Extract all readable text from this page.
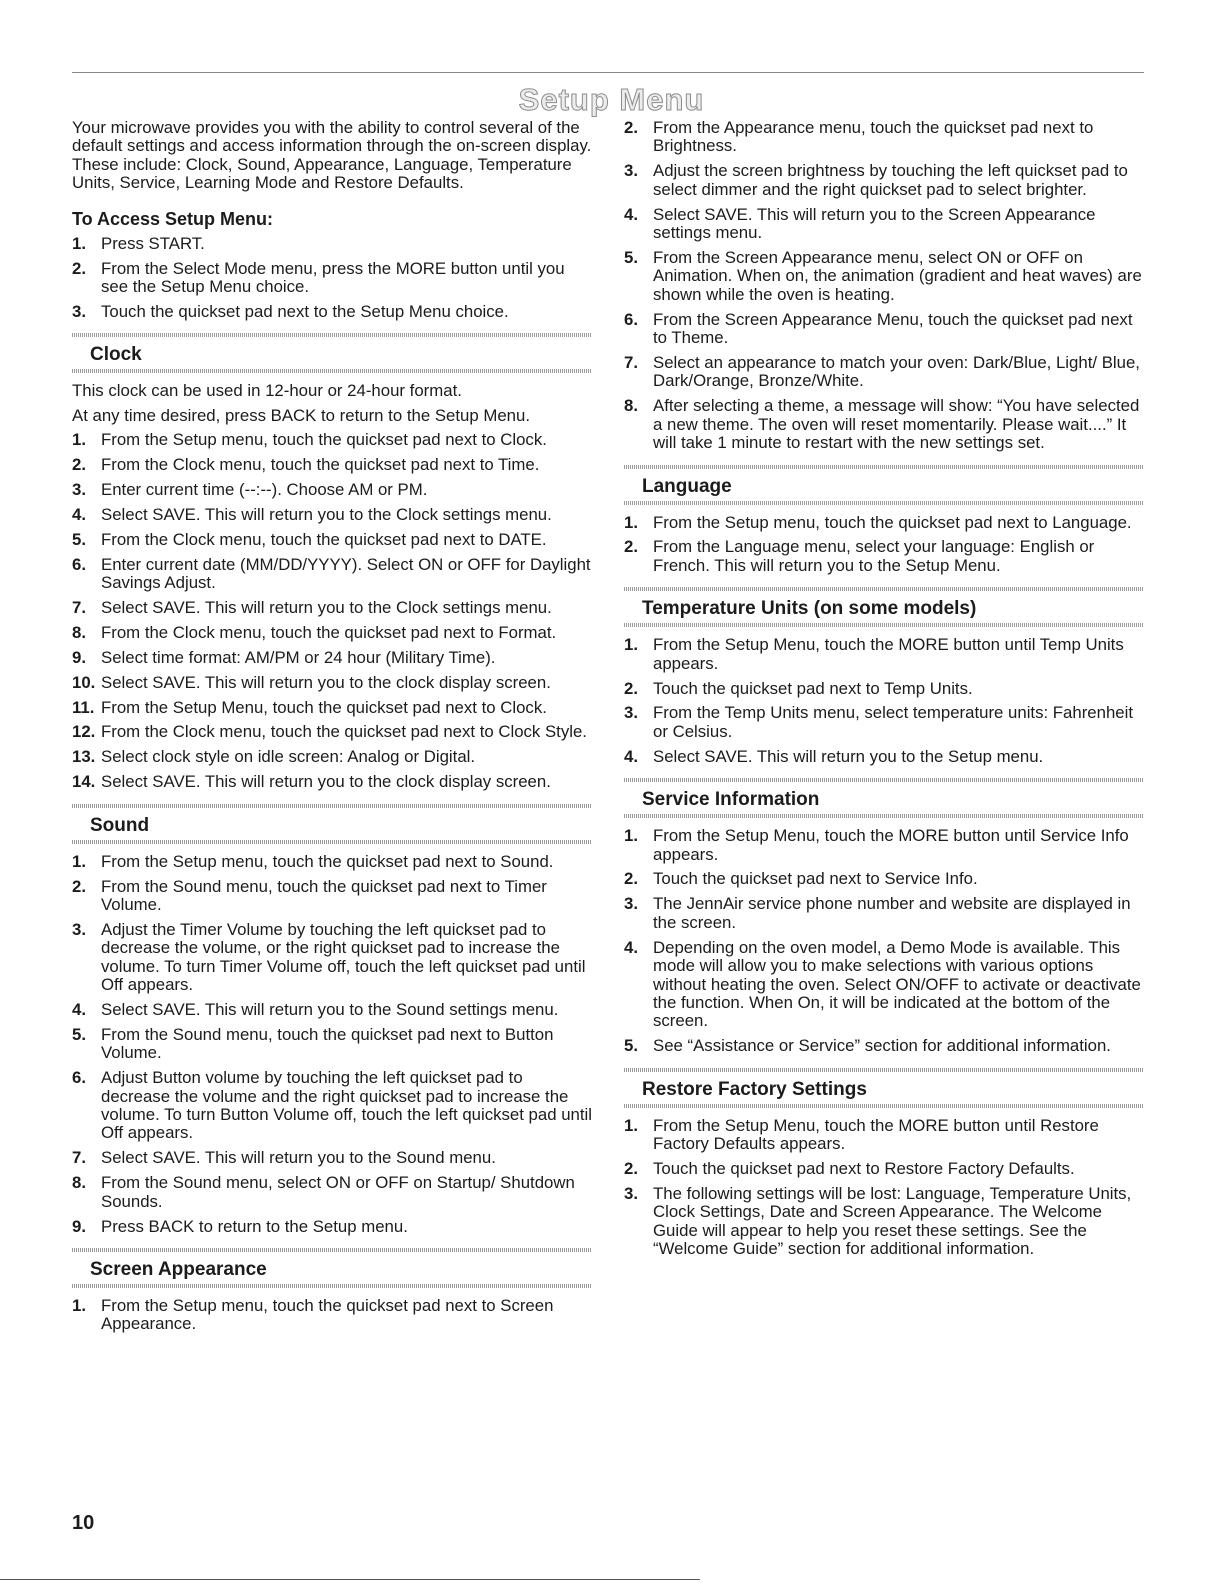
Setup Menu

Your microwave provides you with the ability to control several of the default settings and access information through the on-screen display. These include: Clock, Sound, Appearance, Language, Temperature Units, Service, Learning Mode and Restore Defaults.

To Access Setup Menu:
1. Press START.
2. From the Select Mode menu, press the MORE button until you see the Setup Menu choice.
3. Touch the quickset pad next to the Setup Menu choice.
Clock

This clock can be used in 12-hour or 24-hour format.

At any time desired, press BACK to return to the Setup Menu.

1. From the Setup menu, touch the quickset pad next to Clock.
2. From the Clock menu, touch the quickset pad next to Time.
3. Enter current time (--:--). Choose AM or PM.
4. Select SAVE. This will return you to the Clock settings menu.
5. From the Clock menu, touch the quickset pad next to DATE.
6. Enter current date (MM/DD/YYYY). Select ON or OFF for Daylight Savings Adjust.
7. Select SAVE. This will return you to the Clock settings menu.
8. From the Clock menu, touch the quickset pad next to Format.
9. Select time format: AM/PM or 24 hour (Military Time).
10. Select SAVE. This will return you to the clock display screen.
11. From the Setup Menu, touch the quickset pad next to Clock.
12. From the Clock menu, touch the quickset pad next to Clock Style.
13. Select clock style on idle screen: Analog or Digital.
14. Select SAVE. This will return you to the clock display screen.
Sound
1. From the Setup menu, touch the quickset pad next to Sound.
2. From the Sound menu, touch the quickset pad next to Timer Volume.
3. Adjust the Timer Volume by touching the left quickset pad to decrease the volume, or the right quickset pad to increase the volume. To turn Timer Volume off, touch the left quickset pad until Off appears.
4. Select SAVE. This will return you to the Sound settings menu.
5. From the Sound menu, touch the quickset pad next to Button Volume.
6. Adjust Button volume by touching the left quickset pad to decrease the volume and the right quickset pad to increase the volume. To turn Button Volume off, touch the left quickset pad until Off appears.
7. Select SAVE. This will return you to the Sound menu.
8. From the Sound menu, select ON or OFF on Startup/ Shutdown Sounds.
9. Press BACK to return to the Setup menu.
Screen Appearance
1. From the Setup menu, touch the quickset pad next to Screen Appearance.
2. From the Appearance menu, touch the quickset pad next to Brightness.
3. Adjust the screen brightness by touching the left quickset pad to select dimmer and the right quickset pad to select brighter.
4. Select SAVE. This will return you to the Screen Appearance settings menu.
5. From the Screen Appearance menu, select ON or OFF on Animation. When on, the animation (gradient and heat waves) are shown while the oven is heating.
6. From the Screen Appearance Menu, touch the quickset pad next to Theme.
7. Select an appearance to match your oven: Dark/Blue, Light/ Blue, Dark/Orange, Bronze/White.
8. After selecting a theme, a message will show: “You have selected a new theme. The oven will reset momentarily. Please wait....” It will take 1 minute to restart with the new settings set.
Language
1. From the Setup menu, touch the quickset pad next to Language.
2. From the Language menu, select your language: English or French. This will return you to the Setup Menu.
Temperature Units (on some models)
1. From the Setup Menu, touch the MORE button until Temp Units appears.
2. Touch the quickset pad next to Temp Units.
3. From the Temp Units menu, select temperature units: Fahrenheit or Celsius.
4. Select SAVE. This will return you to the Setup menu.
Service Information
1. From the Setup Menu, touch the MORE button until Service Info appears.
2. Touch the quickset pad next to Service Info.
3. The JennAir service phone number and website are displayed in the screen.
4. Depending on the oven model, a Demo Mode is available. This mode will allow you to make selections with various options without heating the oven. Select ON/OFF to activate or deactivate the function. When On, it will be indicated at the bottom of the screen.
5. See “Assistance or Service” section for additional information.
Restore Factory Settings
1. From the Setup Menu, touch the MORE button until Restore Factory Defaults appears.
2. Touch the quickset pad next to Restore Factory Defaults.
3. The following settings will be lost: Language, Temperature Units, Clock Settings, Date and Screen Appearance. The Welcome Guide will appear to help you reset these settings. See the “Welcome Guide” section for additional information.
10
